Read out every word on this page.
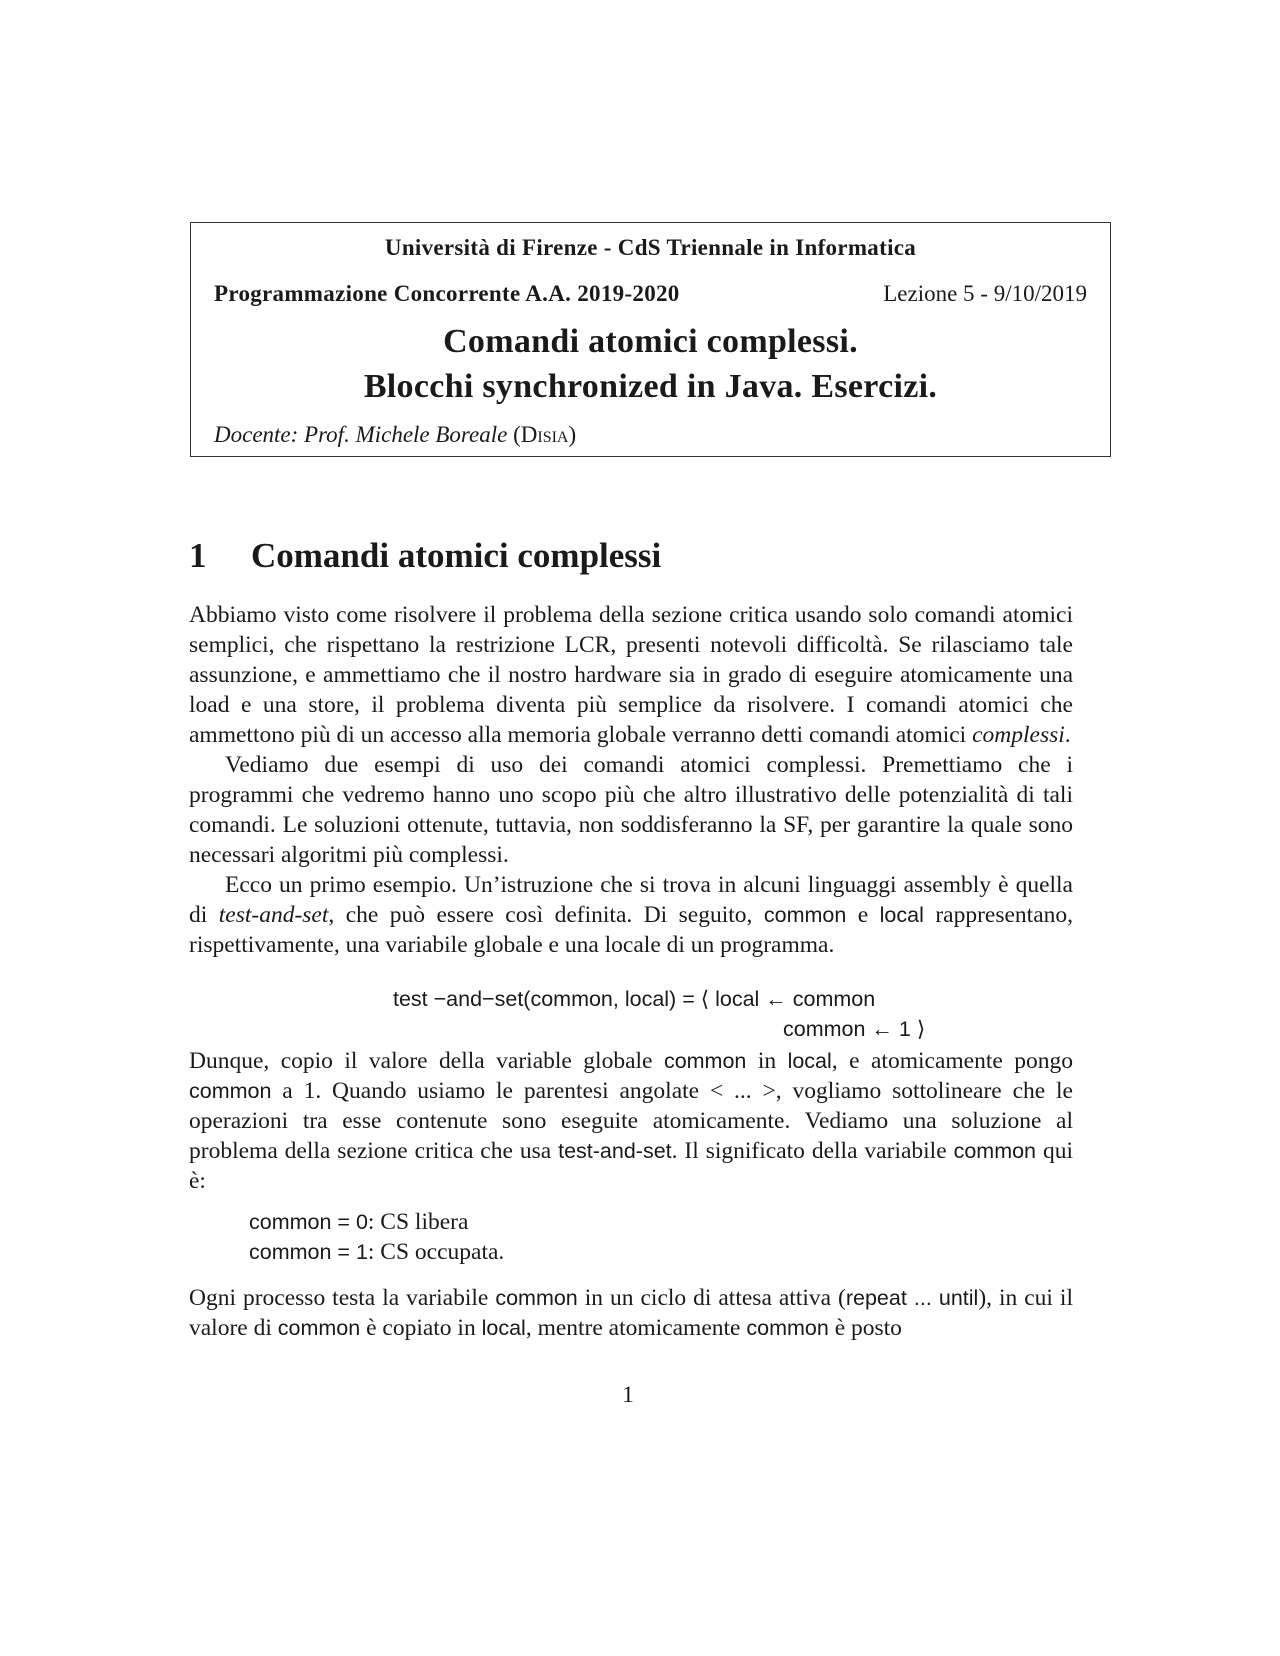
Università di Firenze - CdS Triennale in Informatica
Programmazione Concorrente A.A. 2019-2020	Lezione 5 - 9/10/2019
Comandi atomici complessi.
Blocchi synchronized in Java. Esercizi.
Docente: Prof. Michele Boreale (Disia)
1 Comandi atomici complessi

Abbiamo visto come risolvere il problema della sezione critica usando solo comandi atomici semplici, che rispettano la restrizione LCR, presenti notevoli difficoltà. Se rilasciamo tale assunzione, e ammettiamo che il nostro hardware sia in grado di eseguire atomicamente una load e una store, il problema diventa più semplice da risolvere. I comandi atomici che ammettono più di un accesso alla memoria globale verranno detti comandi atomici complessi.

Vediamo due esempi di uso dei comandi atomici complessi. Premettiamo che i programmi che vedremo hanno uno scopo più che altro illustrativo delle potenzialità di tali comandi. Le soluzioni ottenute, tuttavia, non soddisferanno la SF, per garantire la quale sono necessari algoritmi più complessi.

Ecco un primo esempio. Un’istruzione che si trova in alcuni linguaggi assembly è quella di test-and-set, che può essere così definita. Di seguito, common e local rappresentano, rispettivamente, una variabile globale e una locale di un programma.

test −and−set(common, local) = ⟨ local ← common
common ← 1 ⟩

Dunque, copio il valore della variable globale common in local, e atomicamente pongo common a 1. Quando usiamo le parentesi angolate < ... >, vogliamo sottolineare che le operazioni tra esse contenute sono eseguite atomicamente. Vediamo una soluzione al problema della sezione critica che usa test-and-set. Il significato della variabile common qui è:

common = 0: CS libera
common = 1: CS occupata.

Ogni processo testa la variabile common in un ciclo di attesa attiva (repeat ... until), in cui il valore di common è copiato in local, mentre atomicamente common è posto

1
